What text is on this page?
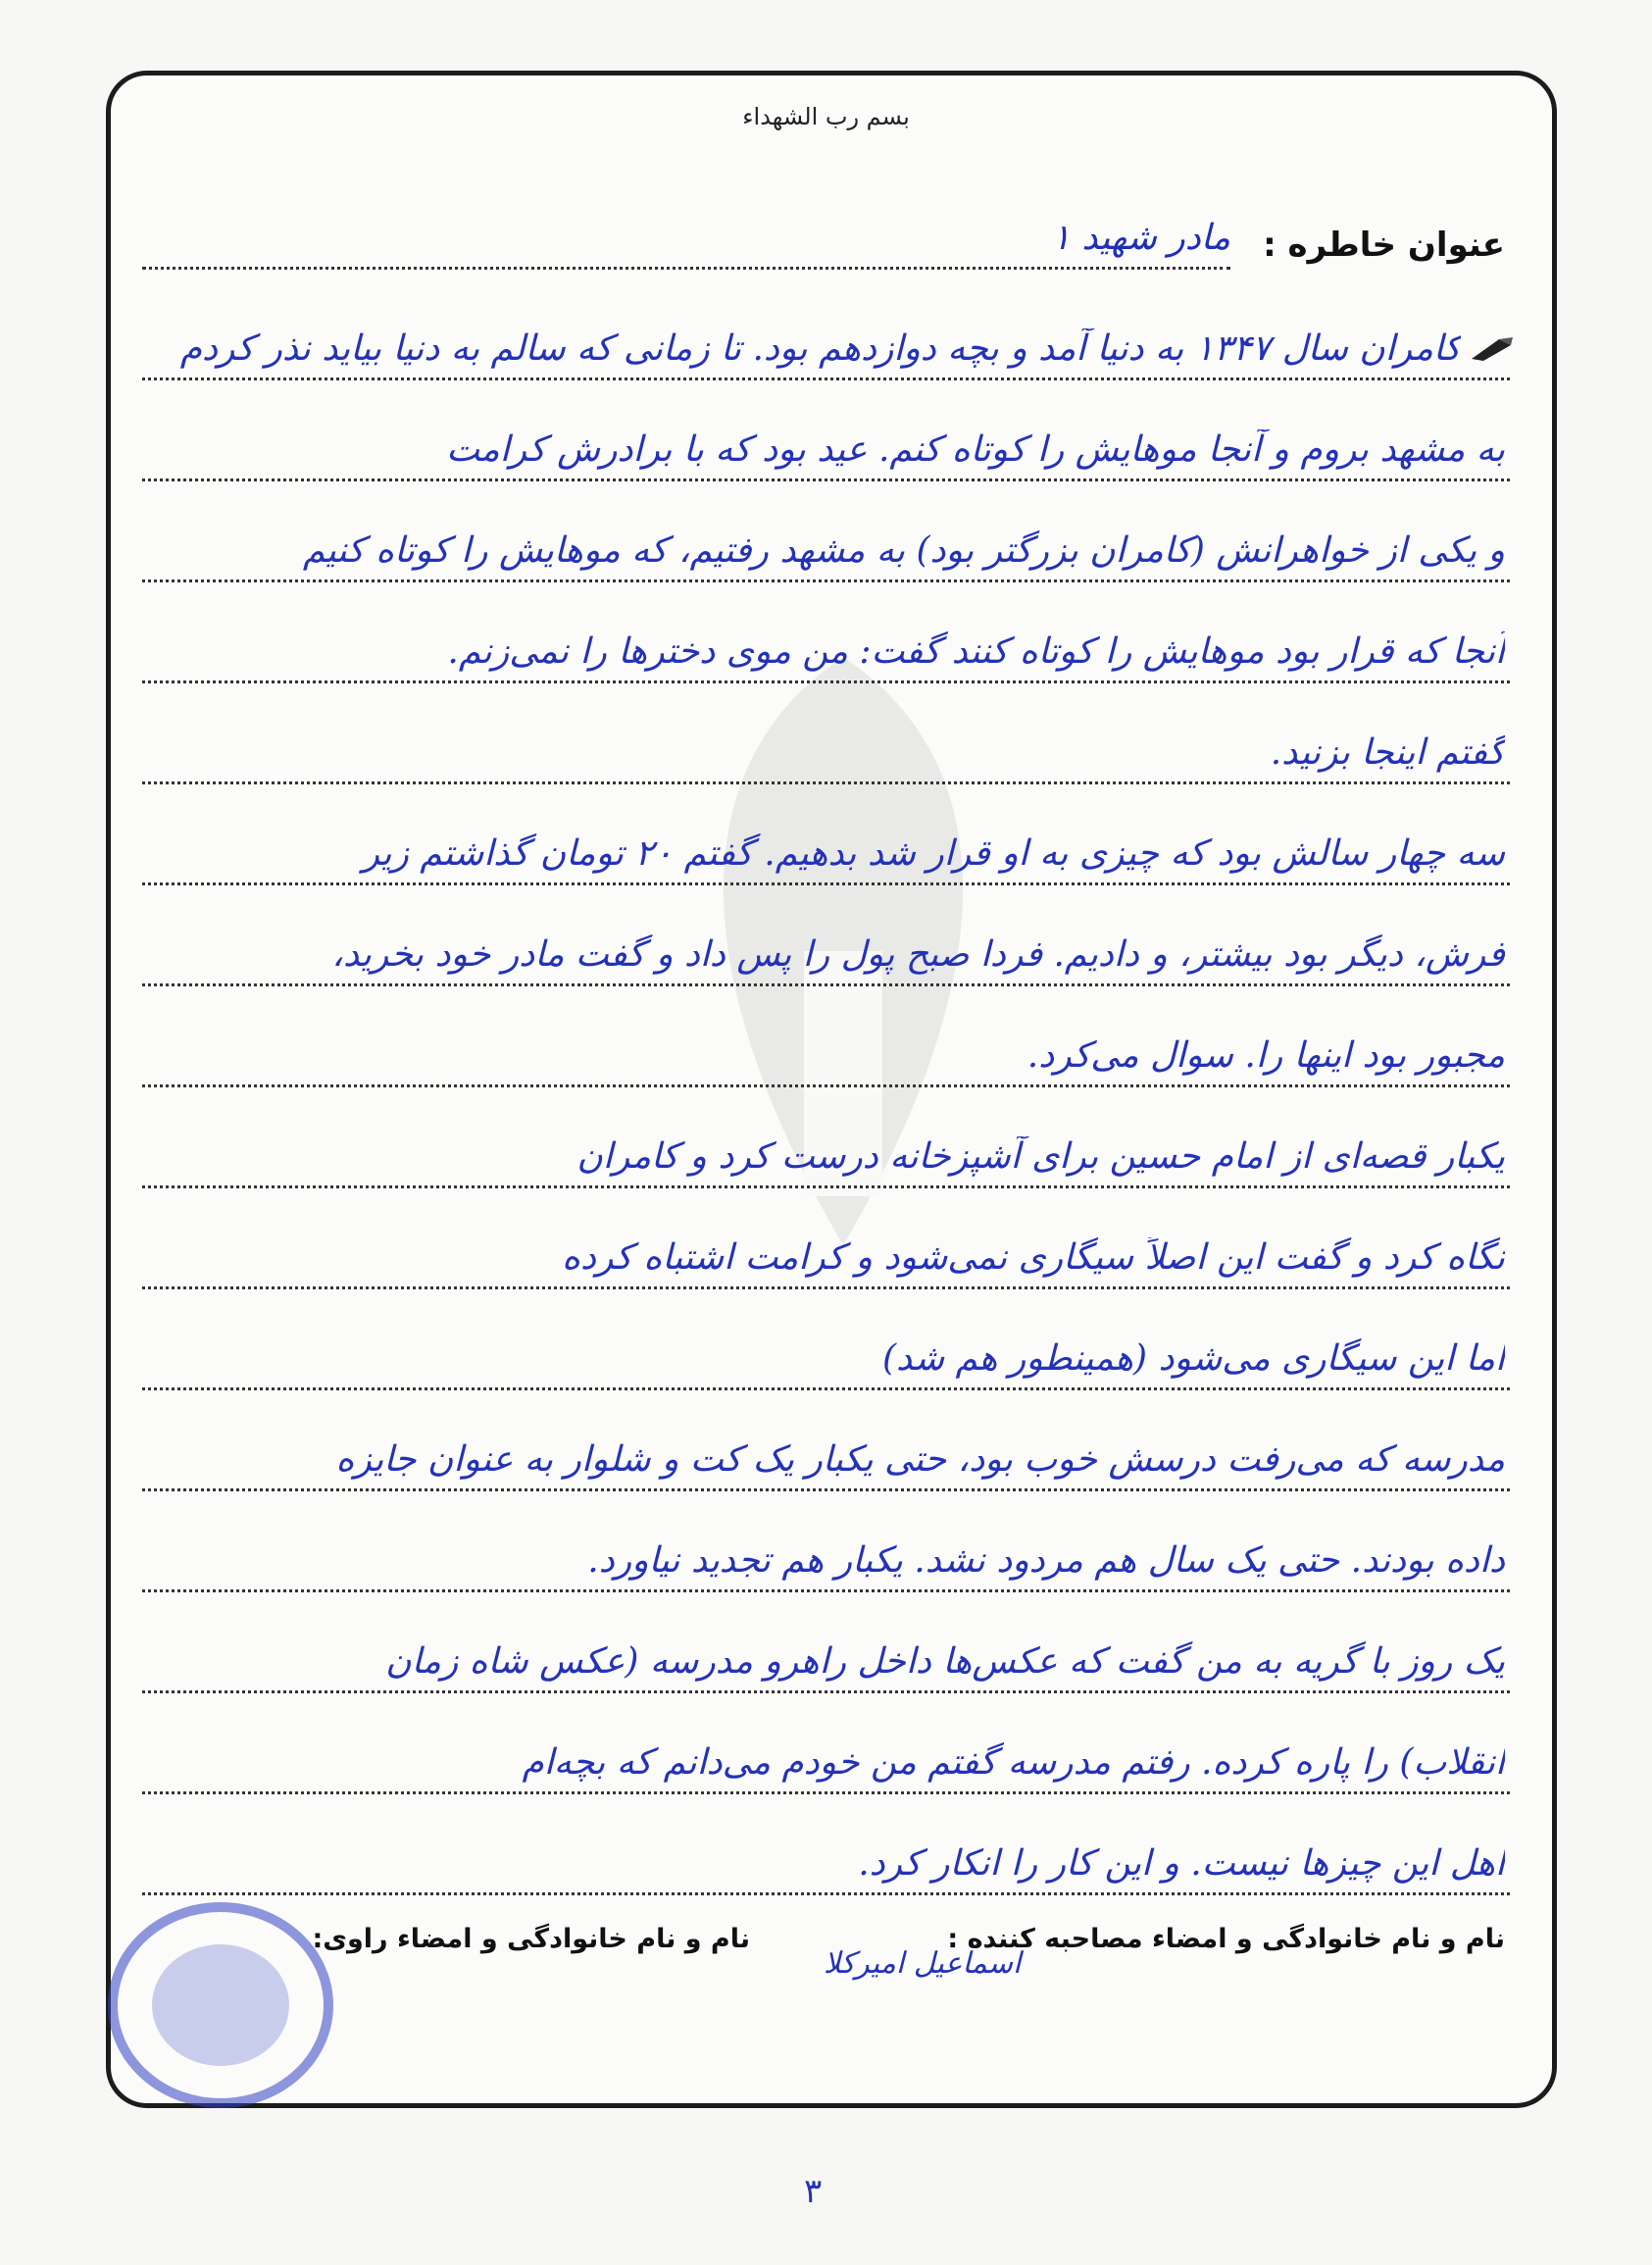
بسم رب الشهداء
عنوان خاطره :
مادر شهید ۱
کامران سال ۱۳۴۷ به دنیا آمد و بچه دوازدهم بود. تا زمانی که سالم به دنیا بیاید نذر کردم
به مشهد بروم و آنجا موهایش را کوتاه کنم. عید بود که با برادرش کرامت
و یکی از خواهرانش (کامران بزرگتر بود) به مشهد رفتیم، که موهایش را کوتاه کنیم
آنجا که قرار بود موهایش را کوتاه کنند گفت: من موی دخترها را نمی‌زنم.
گفتم اینجا بزنید.
سه چهار سالش بود که چیزی به او قرار شد بدهیم. گفتم ۲۰ تومان گذاشتم زیر
فرش، دیگر بود بیشتر، و دادیم. فردا صبح پول را پس داد و گفت مادر خود بخرید،
مجبور بود اینها را. سوال می‌کرد.
یکبار قصه‌ای از امام حسین برای آشپزخانه درست کرد و کامران
نگاه کرد و گفت این اصلاً سیگاری نمی‌شود و کرامت اشتباه کرده
اما این سیگاری می‌شود (همینطور هم شد)
مدرسه که می‌رفت درسش خوب بود، حتی یکبار یک کت و شلوار به عنوان جایزه
داده بودند. حتی یک سال هم مردود نشد. یکبار هم تجدید نیاورد.
یک روز با گریه به من گفت که عکس‌ها داخل راهرو مدرسه (عکس شاه زمان
انقلاب) را پاره کرده. رفتم مدرسه گفتم من خودم می‌دانم که بچه‌ام
اهل این چیزها نیست. و این کار را انکار کرد.
نام و نام خانوادگی و امضاء مصاحبه کننده :
نام و نام خانوادگی و امضاء راوی:
اسماعیل امیرکلا
۳
